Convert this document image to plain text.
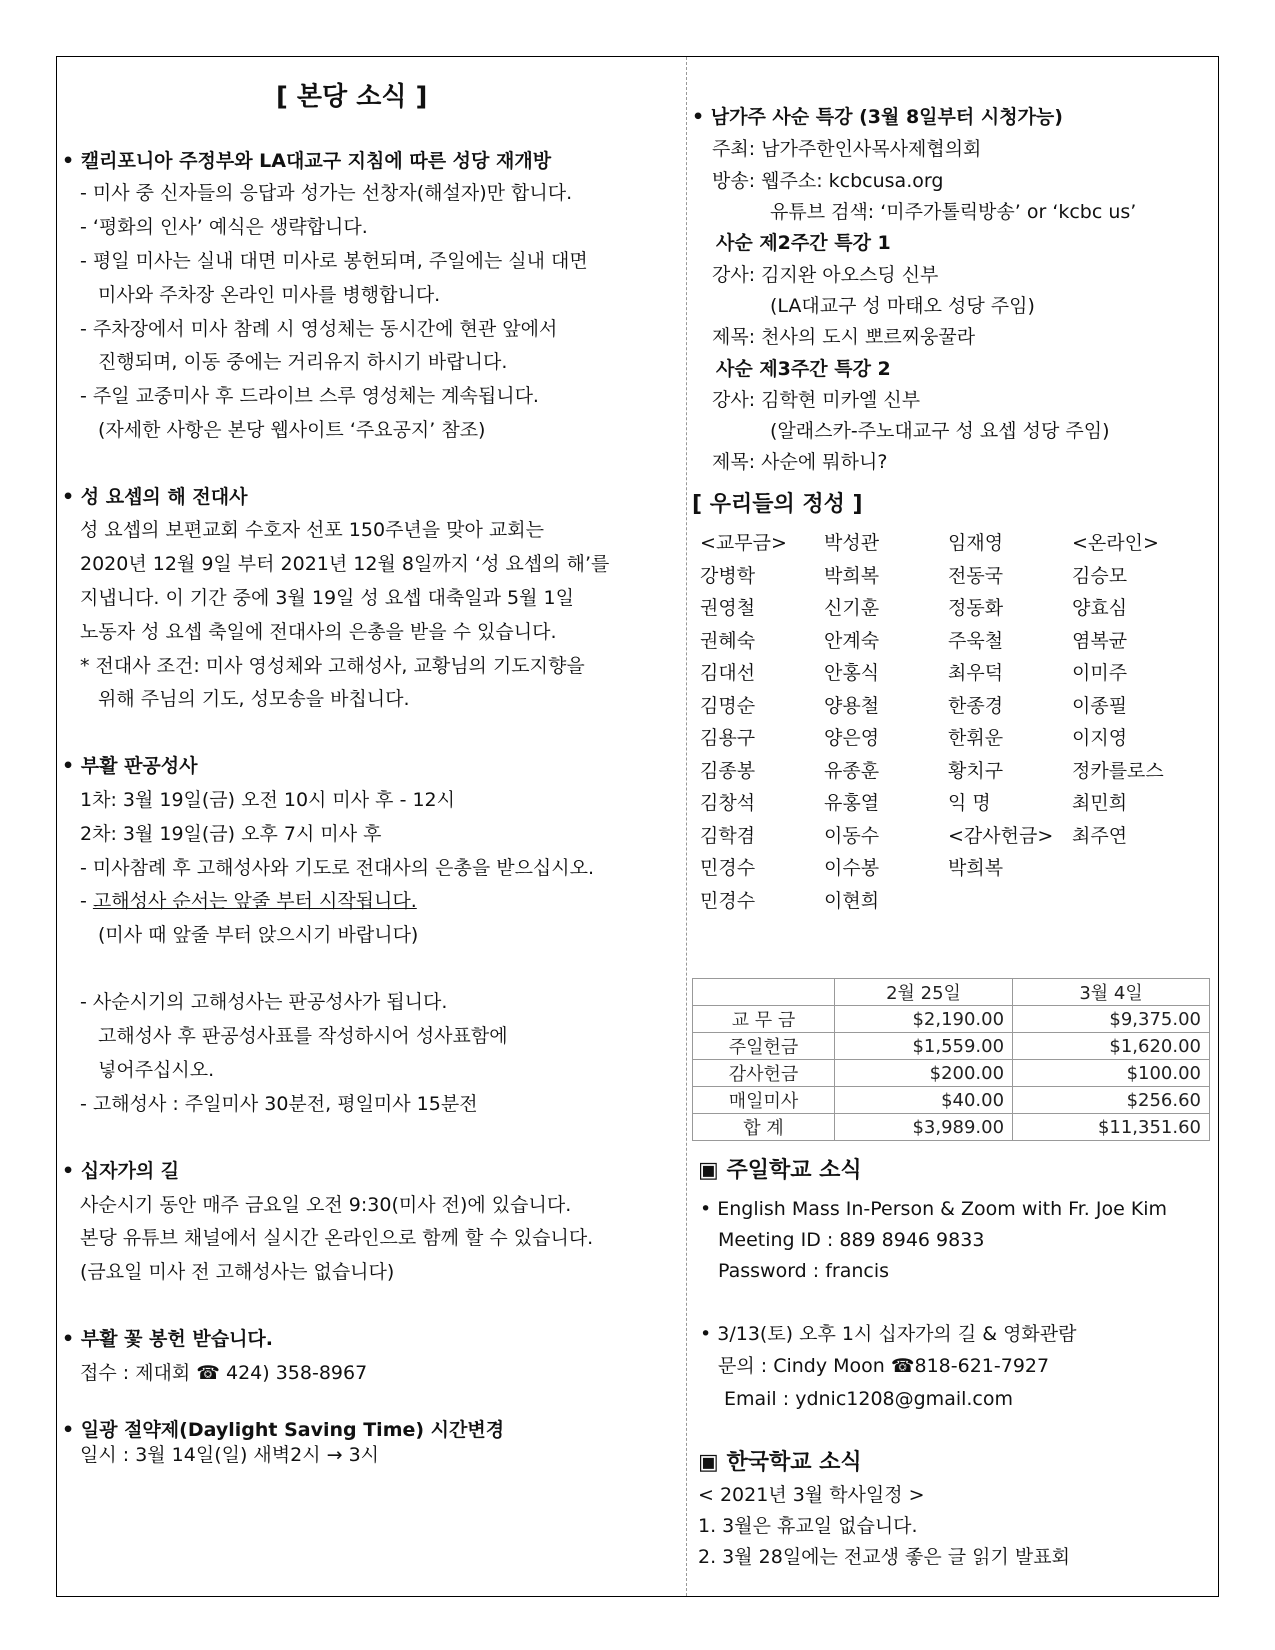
[ 본당 소식 ]
• 캘리포니아 주정부와 LA대교구 지침에 따른 성당 재개방
- 미사 중 신자들의 응답과 성가는 선창자(해설자)만 합니다.
- ‘평화의 인사’ 예식은 생략합니다.
- 평일 미사는 실내 대면 미사로 봉헌되며, 주일에는 실내 대면
미사와 주차장 온라인 미사를 병행합니다.
- 주차장에서 미사 참례 시 영성체는 동시간에 현관 앞에서
진행되며, 이동 중에는 거리유지 하시기 바랍니다.
- 주일 교중미사 후 드라이브 스루 영성체는 계속됩니다.
(자세한 사항은 본당 웹사이트 ‘주요공지’ 참조)
• 성 요셉의 해 전대사
성 요셉의 보편교회 수호자 선포 150주년을 맞아 교회는
2020년 12월 9일 부터 2021년 12월 8일까지 ‘성 요셉의 해’를
지냅니다. 이 기간 중에 3월 19일 성 요셉 대축일과 5월 1일
노동자 성 요셉 축일에 전대사의 은총을 받을 수 있습니다.
* 전대사 조건: 미사 영성체와 고해성사, 교황님의 기도지향을
위해 주님의 기도, 성모송을 바칩니다.
• 부활 판공성사
1차: 3월 19일(금) 오전 10시 미사 후 - 12시
2차: 3월 19일(금) 오후 7시 미사 후
- 미사참례 후 고해성사와 기도로 전대사의 은총을 받으십시오.
- 고해성사 순서는 앞줄 부터 시작됩니다.
(미사 때 앞줄 부터 앉으시기 바랍니다)
- 사순시기의 고해성사는 판공성사가 됩니다.
고해성사 후 판공성사표를 작성하시어 성사표함에
넣어주십시오.
- 고해성사 : 주일미사 30분전, 평일미사 15분전
• 십자가의 길
사순시기 동안 매주 금요일 오전 9:30(미사 전)에 있습니다.
본당 유튜브 채널에서 실시간 온라인으로 함께 할 수 있습니다.
(금요일 미사 전 고해성사는 없습니다)
• 부활 꽃 봉헌 받습니다.
접수 : 제대회 ☎ 424) 358-8967
• 일광 절약제(Daylight Saving Time) 시간변경
일시 : 3월 14일(일) 새벽2시 → 3시
• 남가주 사순 특강 (3월 8일부터 시청가능)
주최: 남가주한인사목사제협의회
방송: 웹주소: kcbcusa.org
유튜브 검색: ‘미주가톨릭방송’ or ‘kcbc us’
사순 제2주간 특강 1
강사: 김지완 아오스딩 신부
(LA대교구 성 마태오 성당 주임)
제목: 천사의 도시 뽀르찌웅꿀라
사순 제3주간 특강 2
강사: 김학현 미카엘 신부
(알래스카-주노대교구 성 요셉 성당 주임)
제목: 사순에 뭐하니?
[ 우리들의 정성 ]
<교무금> 박성관	임재영	<온라인>
강병학	박희복	전동국	김승모
권영철	신기훈	정동화	양효심
권혜숙	안계숙	주욱철	염복균
김대선	안홍식	최우덕	이미주
김명순	양용철	한종경	이종필
김용구	양은영	한휘운	이지영
김종봉	유종훈	황치구	정카를로스
김창석	유홍열	익 명	최민희
김학겸	이동수	<감사헌금> 최주연
민경수	이수봉	박희복
민경수	이현희
	2월 25일	3월 4일
교 무 금	$2,190.00	$9,375.00
주일헌금	$1,559.00	$1,620.00
감사헌금	$200.00	$100.00
매일미사	$40.00	$256.60
합 계	$3,989.00	$11,351.60
▣ 주일학교 소식
• English Mass In-Person & Zoom with Fr. Joe Kim
Meeting ID : 889 8946 9833
Password : francis
• 3/13(토) 오후 1시 십자가의 길 & 영화관람
문의 : Cindy Moon ☎818-621-7927
Email : ydnic1208@gmail.com
▣ 한국학교 소식
< 2021년 3월 학사일정 >
1. 3월은 휴교일 없습니다.
2. 3월 28일에는 전교생 좋은 글 읽기 발표회
